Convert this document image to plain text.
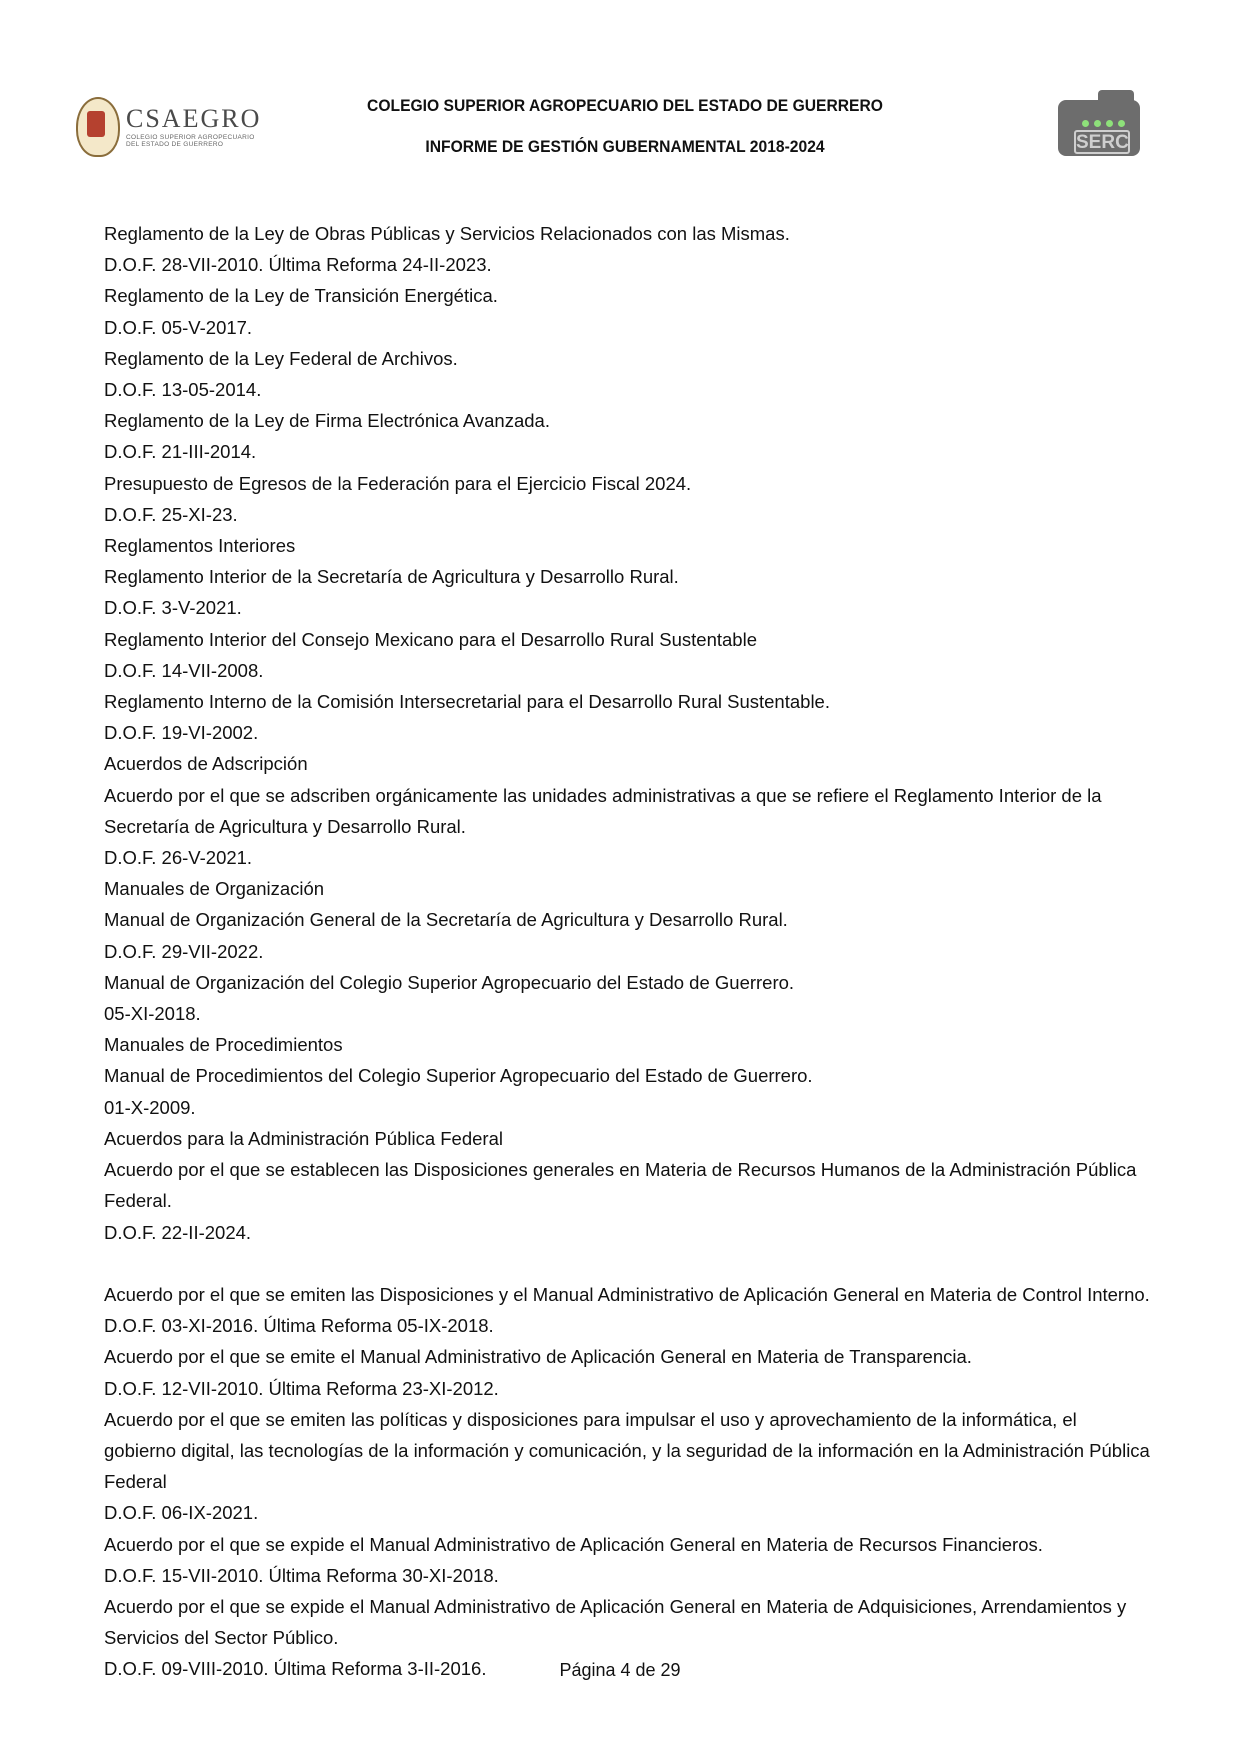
CSAEGRO
COLEGIO SUPERIOR AGROPECUARIO
DEL ESTADO DE GUERRERO
COLEGIO SUPERIOR AGROPECUARIO DEL ESTADO DE GUERRERO
INFORME DE GESTIÓN GUBERNAMENTAL 2018-2024	SERC

Reglamento de la Ley de Obras Públicas y Servicios Relacionados con las Mismas.

D.O.F. 28-VII-2010. Última Reforma 24-II-2023.

Reglamento de la Ley de Transición Energética.

D.O.F. 05-V-2017.

Reglamento de la Ley Federal de Archivos.

D.O.F. 13-05-2014.

Reglamento de la Ley de Firma Electrónica Avanzada.

D.O.F. 21-III-2014.

Presupuesto de Egresos de la Federación para el Ejercicio Fiscal 2024.

D.O.F. 25-XI-23.

Reglamentos Interiores

Reglamento Interior de la Secretaría de Agricultura y Desarrollo Rural.

D.O.F. 3-V-2021.

Reglamento Interior del Consejo Mexicano para el Desarrollo Rural Sustentable

D.O.F. 14-VII-2008.

Reglamento Interno de la Comisión Intersecretarial para el Desarrollo Rural Sustentable.

D.O.F. 19-VI-2002.

Acuerdos de Adscripción

Acuerdo por el que se adscriben orgánicamente las unidades administrativas a que se refiere el Reglamento Interior de la Secretaría de Agricultura y Desarrollo Rural.

D.O.F. 26-V-2021.

Manuales de Organización

Manual de Organización General de la Secretaría de Agricultura y Desarrollo Rural.

D.O.F. 29-VII-2022.

Manual de Organización del Colegio Superior Agropecuario del Estado de Guerrero.

05-XI-2018.

Manuales de Procedimientos

Manual de Procedimientos del Colegio Superior Agropecuario del Estado de Guerrero.

01-X-2009.

Acuerdos para la Administración Pública Federal

Acuerdo por el que se establecen las Disposiciones generales en Materia de Recursos Humanos de la Administración Pública Federal.

D.O.F. 22-II-2024.

Acuerdo por el que se emiten las Disposiciones y el Manual Administrativo de Aplicación General en Materia de Control Interno.

D.O.F. 03-XI-2016. Última Reforma 05-IX-2018.

Acuerdo por el que se emite el Manual Administrativo de Aplicación General en Materia de Transparencia.

D.O.F. 12-VII-2010. Última Reforma 23-XI-2012.

Acuerdo por el que se emiten las políticas y disposiciones para impulsar el uso y aprovechamiento de la informática, el gobierno digital, las tecnologías de la información y comunicación, y la seguridad de la información en la Administración Pública Federal

D.O.F. 06-IX-2021.

Acuerdo por el que se expide el Manual Administrativo de Aplicación General en Materia de Recursos Financieros.

D.O.F. 15-VII-2010. Última Reforma 30-XI-2018.

Acuerdo por el que se expide el Manual Administrativo de Aplicación General en Materia de Adquisiciones, Arrendamientos y Servicios del Sector Público.

D.O.F. 09-VIII-2010. Última Reforma 3-II-2016.	Página 4 de 29
